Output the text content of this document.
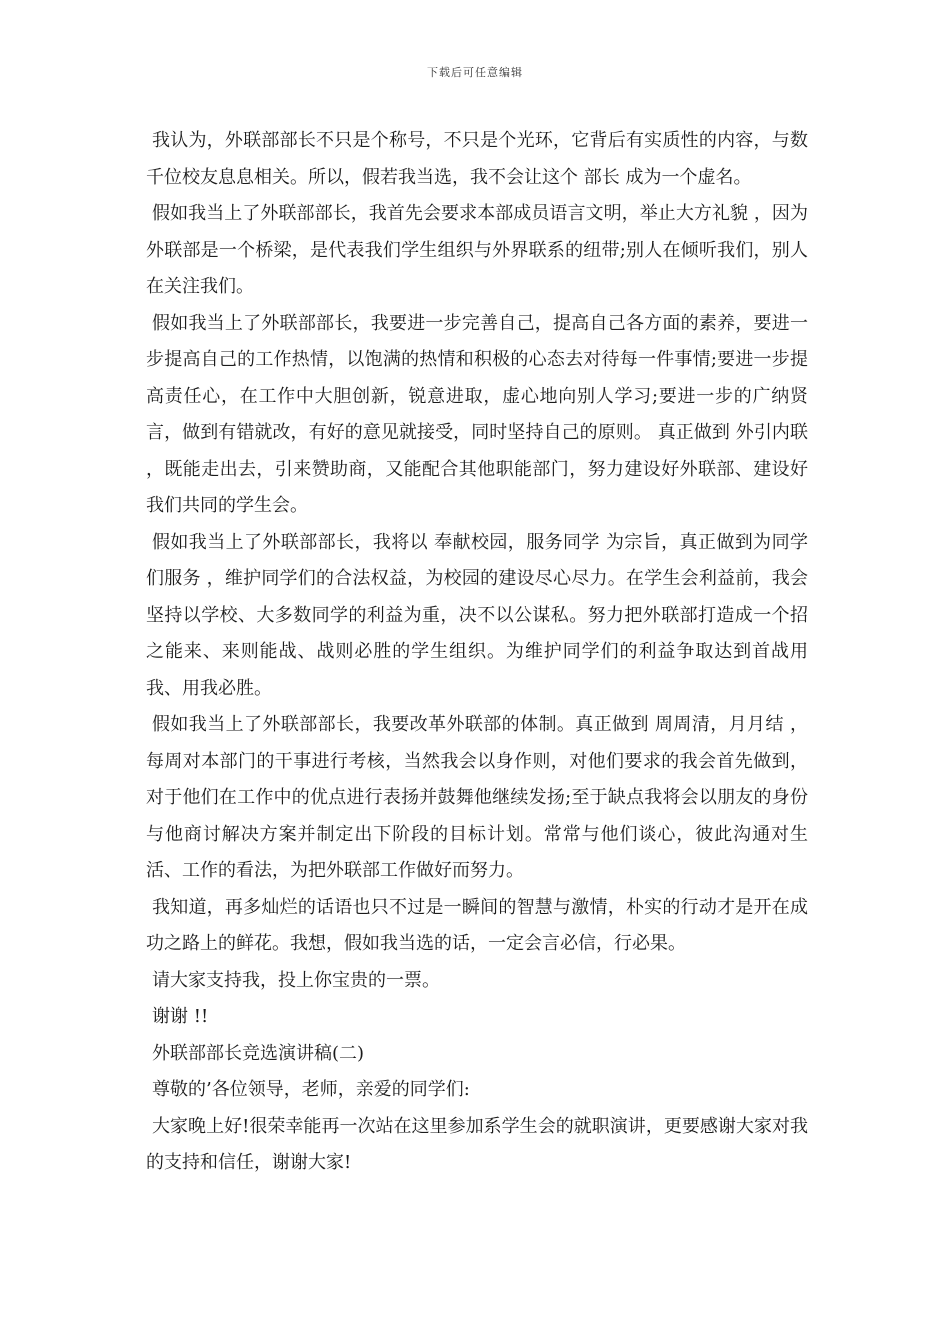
下载后可任意编辑

我认为，外联部部长不只是个称号，不只是个光环，它背后有实质性的内容，与数千位校友息息相关。所以，假若我当选，我不会让这个 部长 成为一个虚名。

假如我当上了外联部部长，我首先会要求本部成员语言文明，举止大方礼貌 ，因为外联部是一个桥梁，是代表我们学生组织与外界联系的纽带;别人在倾听我们，别人在关注我们。

假如我当上了外联部部长，我要进一步完善自己，提高自己各方面的素养，要进一步提高自己的工作热情，以饱满的热情和积极的心态去对待每一件事情;要进一步提高责任心，在工作中大胆创新，锐意进取，虚心地向别人学习;要进一步的广纳贤言，做到有错就改，有好的意见就接受，同时坚持自己的原则。 真正做到 外引内联 ，既能走出去，引来赞助商，又能配合其他职能部门，努力建设好外联部、建设好我们共同的学生会。

假如我当上了外联部部长，我将以 奉献校园，服务同学 为宗旨，真正做到为同学们服务 ，维护同学们的合法权益，为校园的建设尽心尽力。在学生会利益前，我会坚持以学校、大多数同学的利益为重，决不以公谋私。努力把外联部打造成一个招之能来、来则能战、战则必胜的学生组织。为维护同学们的利益争取达到首战用我、用我必胜。

假如我当上了外联部部长，我要改革外联部的体制。真正做到 周周清，月月结 ，每周对本部门的干事进行考核，当然我会以身作则，对他们要求的我会首先做到，对于他们在工作中的优点进行表扬并鼓舞他继续发扬;至于缺点我将会以朋友的身份与他商讨解决方案并制定出下阶段的目标计划。常常与他们谈心，彼此沟通对生活、工作的看法，为把外联部工作做好而努力。

我知道，再多灿烂的话语也只不过是一瞬间的智慧与激情，朴实的行动才是开在成功之路上的鲜花。我想，假如我当选的话，一定会言必信，行必果。

请大家支持我，投上你宝贵的一票。

谢谢 !!

外联部部长竞选演讲稿(二)

尊敬的’各位领导，老师，亲爱的同学们:

大家晚上好!很荣幸能再一次站在这里参加系学生会的就职演讲，更要感谢大家对我的支持和信任，谢谢大家!
